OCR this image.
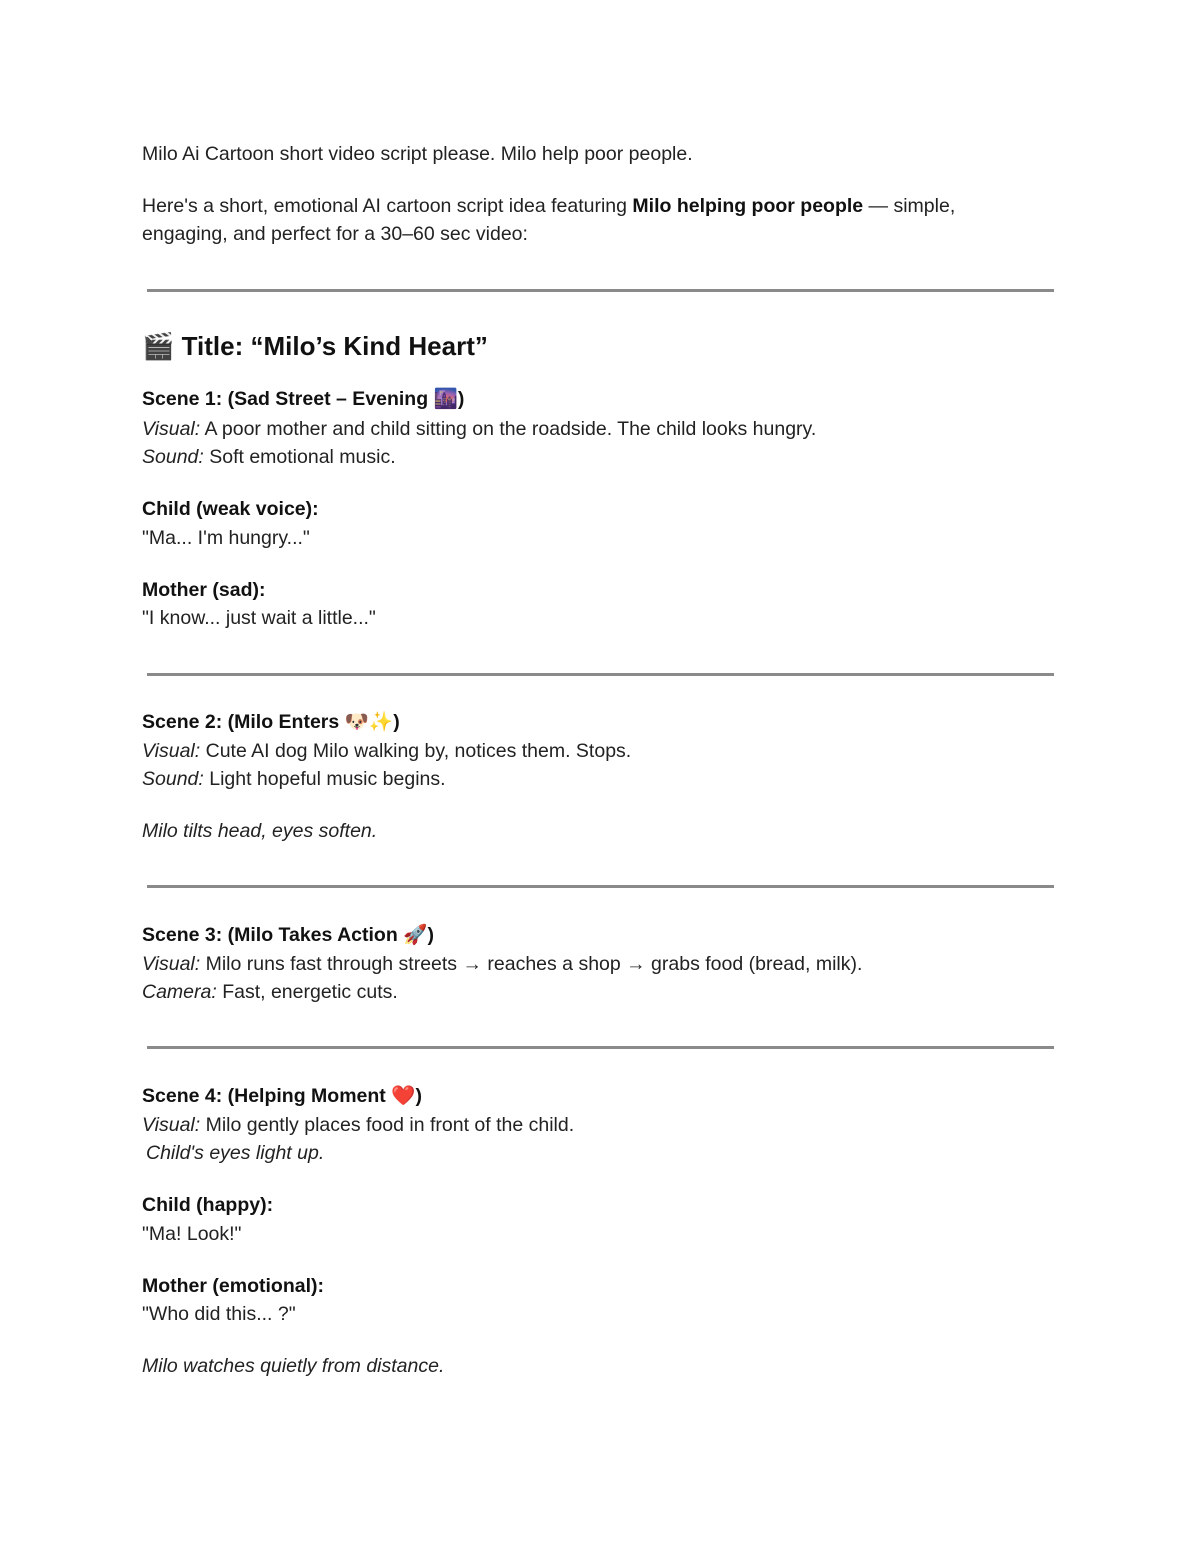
Milo Ai Cartoon short video script please. Milo help poor people.

Here's a short, emotional AI cartoon script idea featuring Milo helping poor people — simple,

engaging, and perfect for a 30–60 sec video:

🎬 Title: “Milo’s Kind Heart”

Scene 1: (Sad Street – Evening 🌆)

Visual: A poor mother and child sitting on the roadside. The child looks hungry.

Sound: Soft emotional music.

Child (weak voice):

"Ma... I'm hungry..."

Mother (sad):

"I know... just wait a little..."

Scene 2: (Milo Enters 🐶✨)

Visual: Cute AI dog Milo walking by, notices them. Stops.

Sound: Light hopeful music begins.

Milo tilts head, eyes soften.

Scene 3: (Milo Takes Action 🚀)

Visual: Milo runs fast through streets → reaches a shop → grabs food (bread, milk).

Camera: Fast, energetic cuts.

Scene 4: (Helping Moment ❤️)

Visual: Milo gently places food in front of the child.

Child's eyes light up.

Child (happy):

"Ma! Look!"

Mother (emotional):

"Who did this... ?"

Milo watches quietly from distance.
